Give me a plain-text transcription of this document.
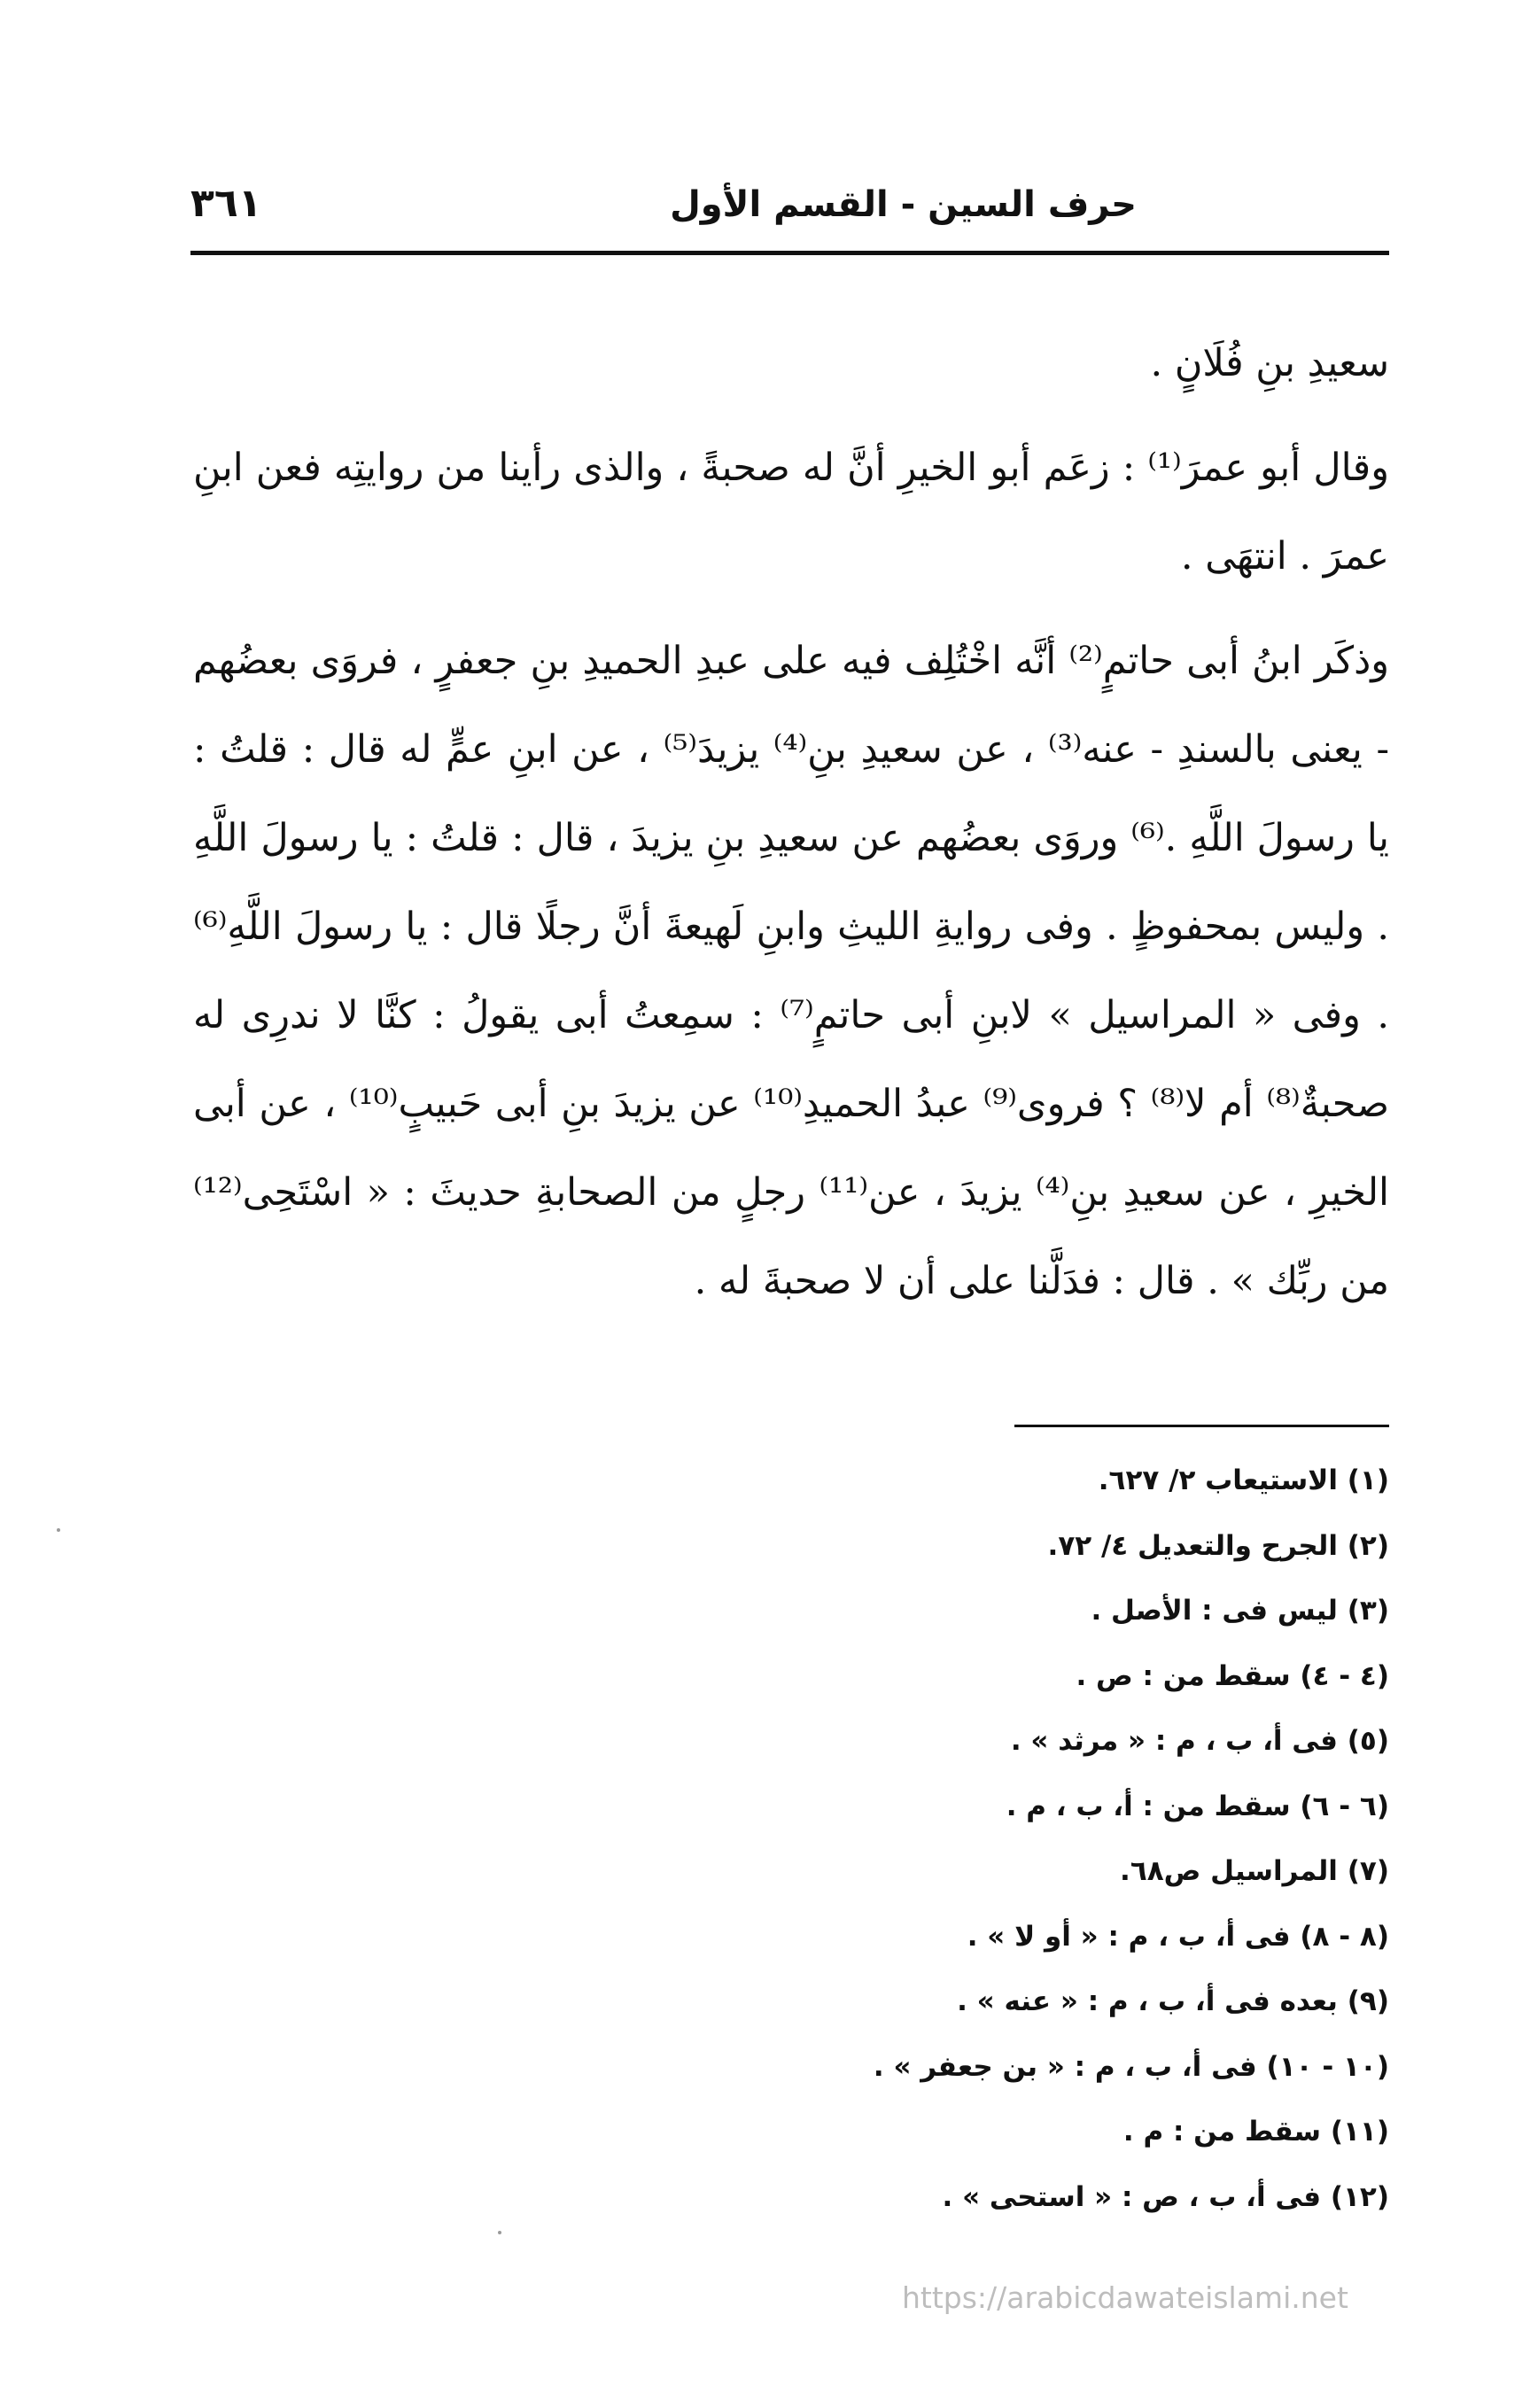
حرف السين - القسم الأول
٣٦١

سعيدِ بنِ فُلَانٍ .

وقال أبو عمرَ⁽¹⁾ : زعَم أبو الخيرِ أنَّ له صحبةً ، والذى رأينا من روايتِه فعن ابنِ عمرَ . انتهَى .

وذكَر ابنُ أبى حاتمٍ⁽²⁾ أنَّه اخْتُلِف فيه على عبدِ الحميدِ بنِ جعفرٍ ، فروَى بعضُهم - يعنى بالسندِ - عنه⁽³⁾ ، عن سعيدِ بنِ⁽⁴⁾ يزيدَ⁽⁵⁾ ، عن ابنِ عمٍّ له قال : قلتُ : يا رسولَ اللَّهِ .⁽⁶⁾ وروَى بعضُهم عن سعيدِ بنِ يزيدَ ، قال : قلتُ : يا رسولَ اللَّهِ . وليس بمحفوظٍ . وفى روايةِ الليثِ وابنِ لَهيعةَ أنَّ رجلًا قال : يا رسولَ اللَّهِ⁽⁶⁾ . وفى « المراسيل » لابنِ أبى حاتمٍ⁽⁷⁾ : سمِعتُ أبى يقولُ : كنَّا لا ندرِى له صحبةٌ⁽⁸⁾ أم لا⁽⁸⁾ ؟ فروى⁽⁹⁾ عبدُ الحميدِ⁽¹⁰⁾ عن يزيدَ بنِ أبى حَبيبٍ⁽¹⁰⁾ ، عن أبى الخيرِ ، عن سعيدِ بنِ⁽⁴⁾ يزيدَ ، عن⁽¹¹⁾ رجلٍ من الصحابةِ حديثَ : « اسْتَحِى⁽¹²⁾ من ربِّك » . قال : فدَلَّنا على أن لا صحبةَ له .

(١) الاستيعاب ٢/ ٦٢٧.

(٢) الجرح والتعديل ٤/ ٧٢.

(٣) ليس فى : الأصل .

(٤ - ٤) سقط من : ص .

(٥) فى أ، ب ، م : « مرثد » .

(٦ - ٦) سقط من : أ، ب ، م .

(٧) المراسيل ص٦٨.

(٨ - ٨) فى أ، ب ، م : « أو لا » .

(٩) بعده فى أ، ب ، م : « عنه » .

(١٠ - ١٠) فى أ، ب ، م : « بن جعفر » .

(١١) سقط من : م .

(١٢) فى أ، ب ، ص : « استحى » .

https://arabicdawateislami.net
